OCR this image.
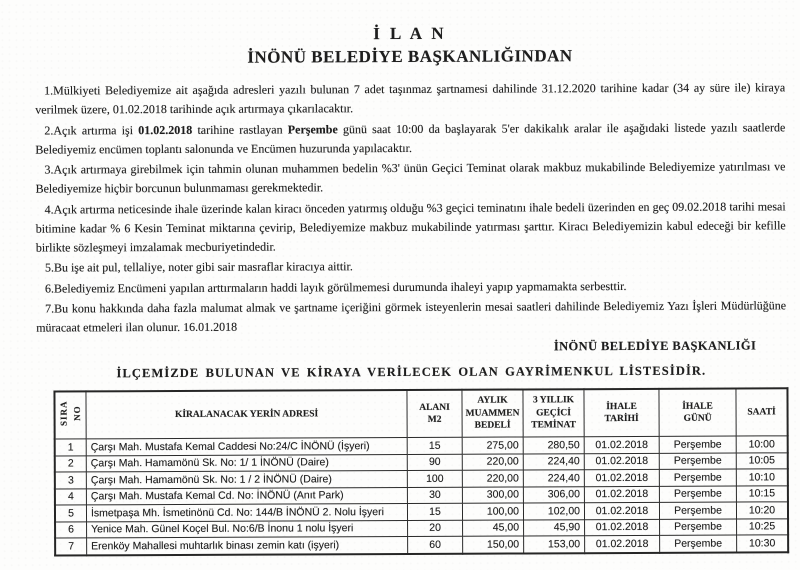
İ L A N
İNÖNÜ BELEDİYE BAŞKANLIĞINDAN

1.Mülkiyeti Belediyemize ait aşağıda adresleri yazılı bulunan 7 adet taşınmaz şartnamesi dahilinde 31.12.2020 tarihine kadar (34 ay süre ile) kiraya verilmek üzere, 01.02.2018 tarihinde açık artırmaya çıkarılacaktır.

2.Açık artırma işi 01.02.2018 tarihine rastlayan Perşembe günü saat 10:00 da başlayarak 5'er dakikalık aralar ile aşağıdaki listede yazılı saatlerde Belediyemiz encümen toplantı salonunda ve Encümen huzurunda yapılacaktır.

3.Açık artırmaya girebilmek için tahmin olunan muhammen bedelin %3' ünün Geçici Teminat olarak makbuz mukabilinde Belediyemize yatırılması ve Belediyemize hiçbir borcunun bulunmaması gerekmektedir.

4.Açık artırma neticesinde ihale üzerinde kalan kiracı önceden yatırmış olduğu %3 geçici teminatını ihale bedeli üzerinden en geç 09.02.2018 tarihi mesai bitimine kadar % 6 Kesin Teminat miktarına çevirip, Belediyemize makbuz mukabilinde yatırması şarttır. Kiracı Belediyemizin kabul edeceği bir kefille birlikte sözleşmeyi imzalamak mecburiyetindedir.

5.Bu işe ait pul, tellaliye, noter gibi sair masraflar kiracıya aittir.

6.Belediyemiz Encümeni yapılan arttırmaların haddi layık görülmemesi durumunda ihaleyi yapıp yapmamakta serbesttir.

7.Bu konu hakkında daha fazla malumat almak ve şartname içeriğini görmek isteyenlerin mesai saatleri dahilinde Belediyemiz Yazı İşleri Müdürlüğüne müracaat etmeleri ilan olunur. 16.01.2018

İNÖNÜ BELEDİYE BAŞKANLIĞI
İLÇEMİZDE BULUNAN VE KİRAYA VERİLECEK OLAN GAYRİMENKUL LİSTESİDİR.
SIRA
NO	KİRALANACAK YERİN ADRESİ	ALANI
M2	AYLIK
MUAMMEN
BEDELİ	3 YILLIK
GEÇİCİ
TEMİNAT	İHALE
TARİHİ	İHALE
GÜNÜ	SAATİ
1	Çarşı Mah. Mustafa Kemal Caddesi No:24/C İNÖNÜ (İşyeri)	15	275,00	280,50	01.02.2018	Perşembe	10:00
2	Çarşı Mah. Hamamönü Sk. No: 1/ 1 İNÖNÜ (Daire)	90	220,00	224,40	01.02.2018	Perşembe	10:05
3	Çarşı Mah. Hamamönü Sk. No: 1 / 2 İNÖNÜ (Daire)	100	220,00	224,40	01.02.2018	Perşembe	10:10
4	Çarşı Mah. Mustafa Kemal Cd. No: İNÖNÜ (Anıt Park)	30	300,00	306,00	01.02.2018	Perşembe	10:15
5	İsmetpaşa Mh. İsmetinönü Cd. No: 144/B İNÖNÜ 2. Nolu İşyeri	15	100,00	102,00	01.02.2018	Perşembe	10:20
6	Yenice Mah. Günel Koçel Bul. No:6/B İnonu 1 nolu İşyeri	20	45,00	45,90	01.02.2018	Perşembe	10:25
7	Erenköy Mahallesi muhtarlık binası zemin katı (işyeri)	60	150,00	153,00	01.02.2018	Perşembe	10:30
